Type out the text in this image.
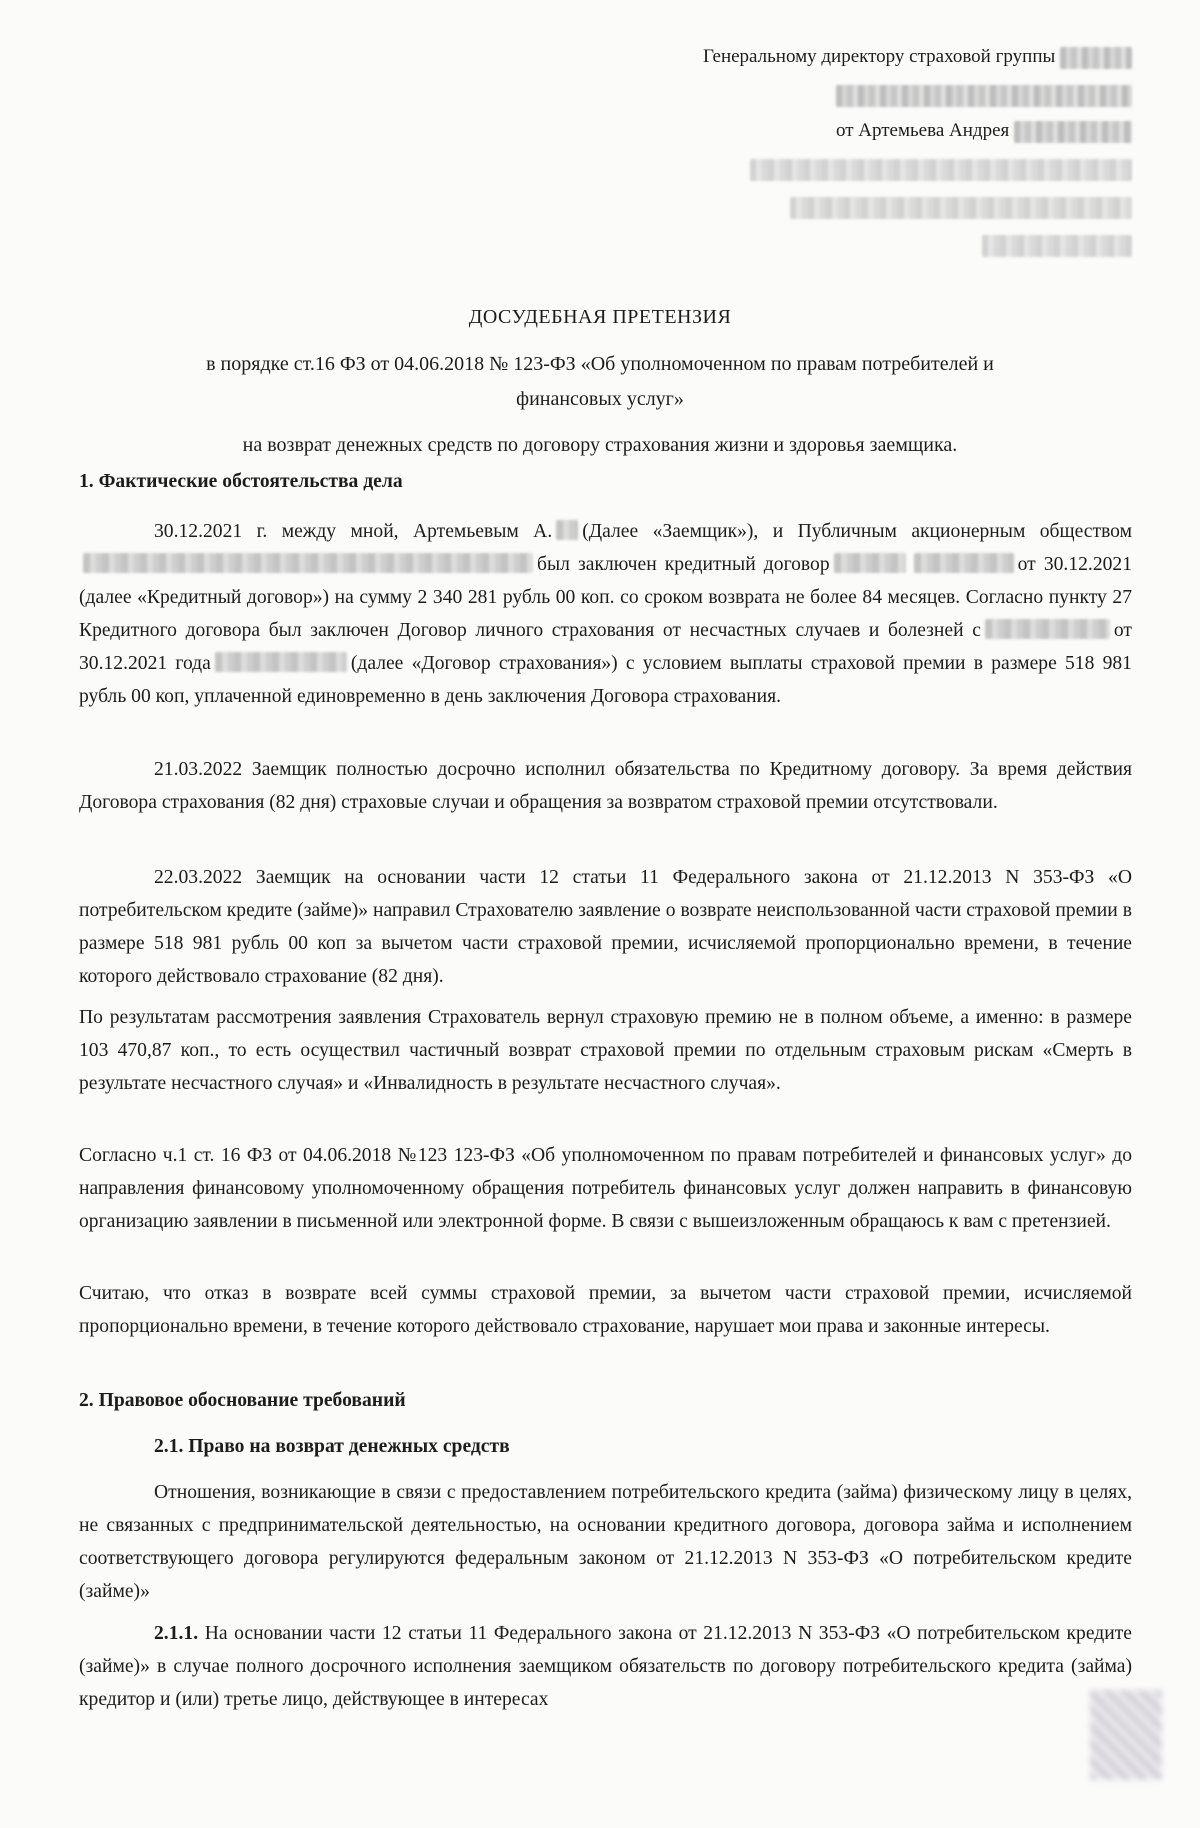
Генеральному директору страховой группы
от Артемьева Андрея
ДОСУДЕБНАЯ ПРЕТЕНЗИЯ
в порядке ст.16 ФЗ от 04.06.2018 № 123-ФЗ «Об уполномоченном по правам потребителей и
финансовых услуг»
на возврат денежных средств по договору страхования жизни и здоровья заемщика.
1. Фактические обстоятельства дела

30.12.2021 г. между мной, Артемьевым А. (Далее «Заемщик»), и Публичным акционерным обществомбыл заключен кредитный договор	от 30.12.2021 (далее «Кредитный договор») на сумму 2 340 281 рубль 00 коп. со сроком возврата не более 84 месяцев. Согласно пункту 27 Кредитного договора был заключен Договор личного страхования от несчастных случаев и болезней с	от 30.12.2021 года	(далее «Договор страхования») с условием выплаты страховой премии в размере 518 981 рубль 00 коп, уплаченной единовременно в день заключения Договора страхования.

21.03.2022 Заемщик полностью досрочно исполнил обязательства по Кредитному договору. За время действия Договора страхования (82 дня) страховые случаи и обращения за возвратом страховой премии отсутствовали.

22.03.2022 Заемщик на основании части 12 статьи 11 Федерального закона от 21.12.2013 N 353-ФЗ «О потребительском кредите (займе)» направил Страхователю заявление о возврате неиспользованной части страховой премии в размере 518 981 рубль 00 коп за вычетом части страховой премии, исчисляемой пропорционально времени, в течение которого действовало страхование (82 дня).

По результатам рассмотрения заявления Страхователь вернул страховую премию не в полном объеме, а именно: в размере 103 470,87 коп., то есть осуществил частичный возврат страховой премии по отдельным страховым рискам «Смерть в результате несчастного случая» и «Инвалидность в результате несчастного случая».

Согласно ч.1 ст. 16 ФЗ от 04.06.2018 №123 123-ФЗ «Об уполномоченном по правам потребителей и финансовых услуг» до направления финансовому уполномоченному обращения потребитель финансовых услуг должен направить в финансовую организацию заявлении в письменной или электронной форме. В связи с вышеизложенным обращаюсь к вам с претензией.

Считаю, что отказ в возврате всей суммы страховой премии, за вычетом части страховой премии, исчисляемой пропорционально времени, в течение которого действовало страхование, нарушает мои права и законные интересы.

2. Правовое обоснование требований
2.1. Право на возврат денежных средств

Отношения, возникающие в связи с предоставлением потребительского кредита (займа) физическому лицу в целях, не связанных с предпринимательской деятельностью, на основании кредитного договора, договора займа и исполнением соответствующего договора регулируются федеральным законом от 21.12.2013 N 353-ФЗ «О потребительском кредите (займе)»

2.1.1. На основании части 12 статьи 11 Федерального закона от 21.12.2013 N 353-ФЗ «О потребительском кредите (займе)» в случае полного досрочного исполнения заемщиком обязательств по договору потребительского кредита (займа) кредитор и (или) третье лицо, действующее в интересах
